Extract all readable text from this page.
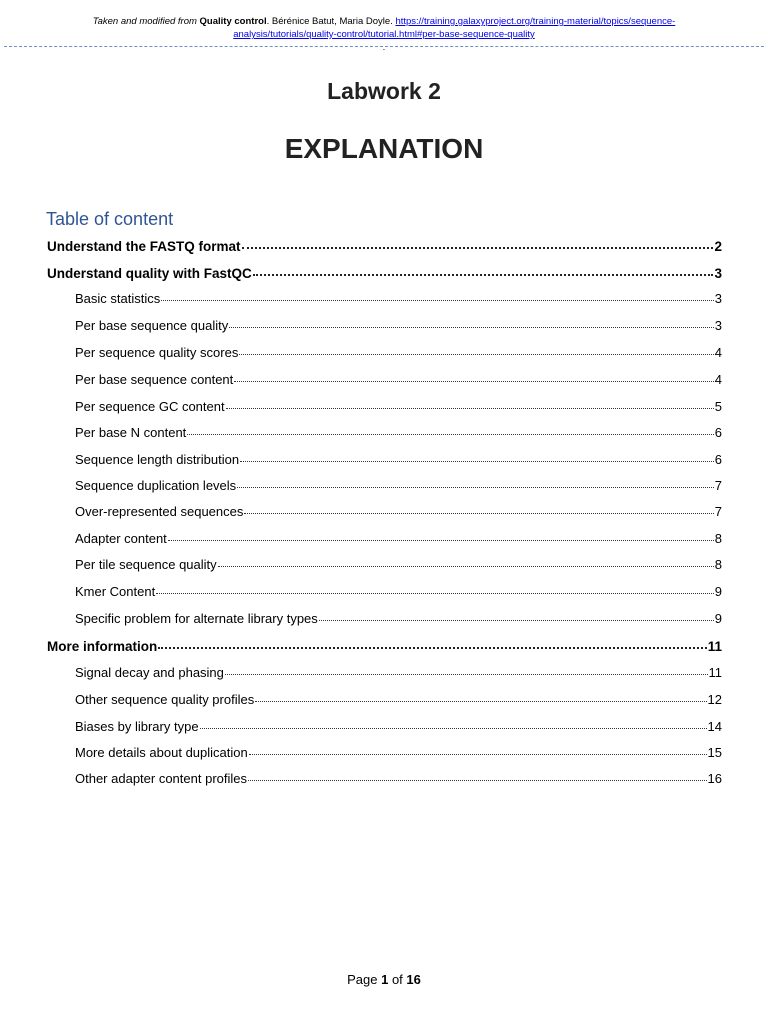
Taken and modified from Quality control. Bérénice Batut, Maria Doyle. https://training.galaxyproject.org/training-material/topics/sequence-
analysis/tutorials/quality-control/tutorial.html#per-base-sequence-quality
.
Labwork 2
EXPLANATION
Table of content
Understand the FASTQ format	2
Understand quality with FastQC	3
Basic statistics	3
Per base sequence quality	3
Per sequence quality scores	4
Per base sequence content	4
Per sequence GC content	5
Per base N content	6
Sequence length distribution	6
Sequence duplication levels	7
Over-represented sequences	7
Adapter content	8
Per tile sequence quality	8
Kmer Content	9
Specific problem for alternate library types	9
More information	11
Signal decay and phasing	11
Other sequence quality profiles	12
Biases by library type	14
More details about duplication	15
Other adapter content profiles	16
Page 1 of 16
